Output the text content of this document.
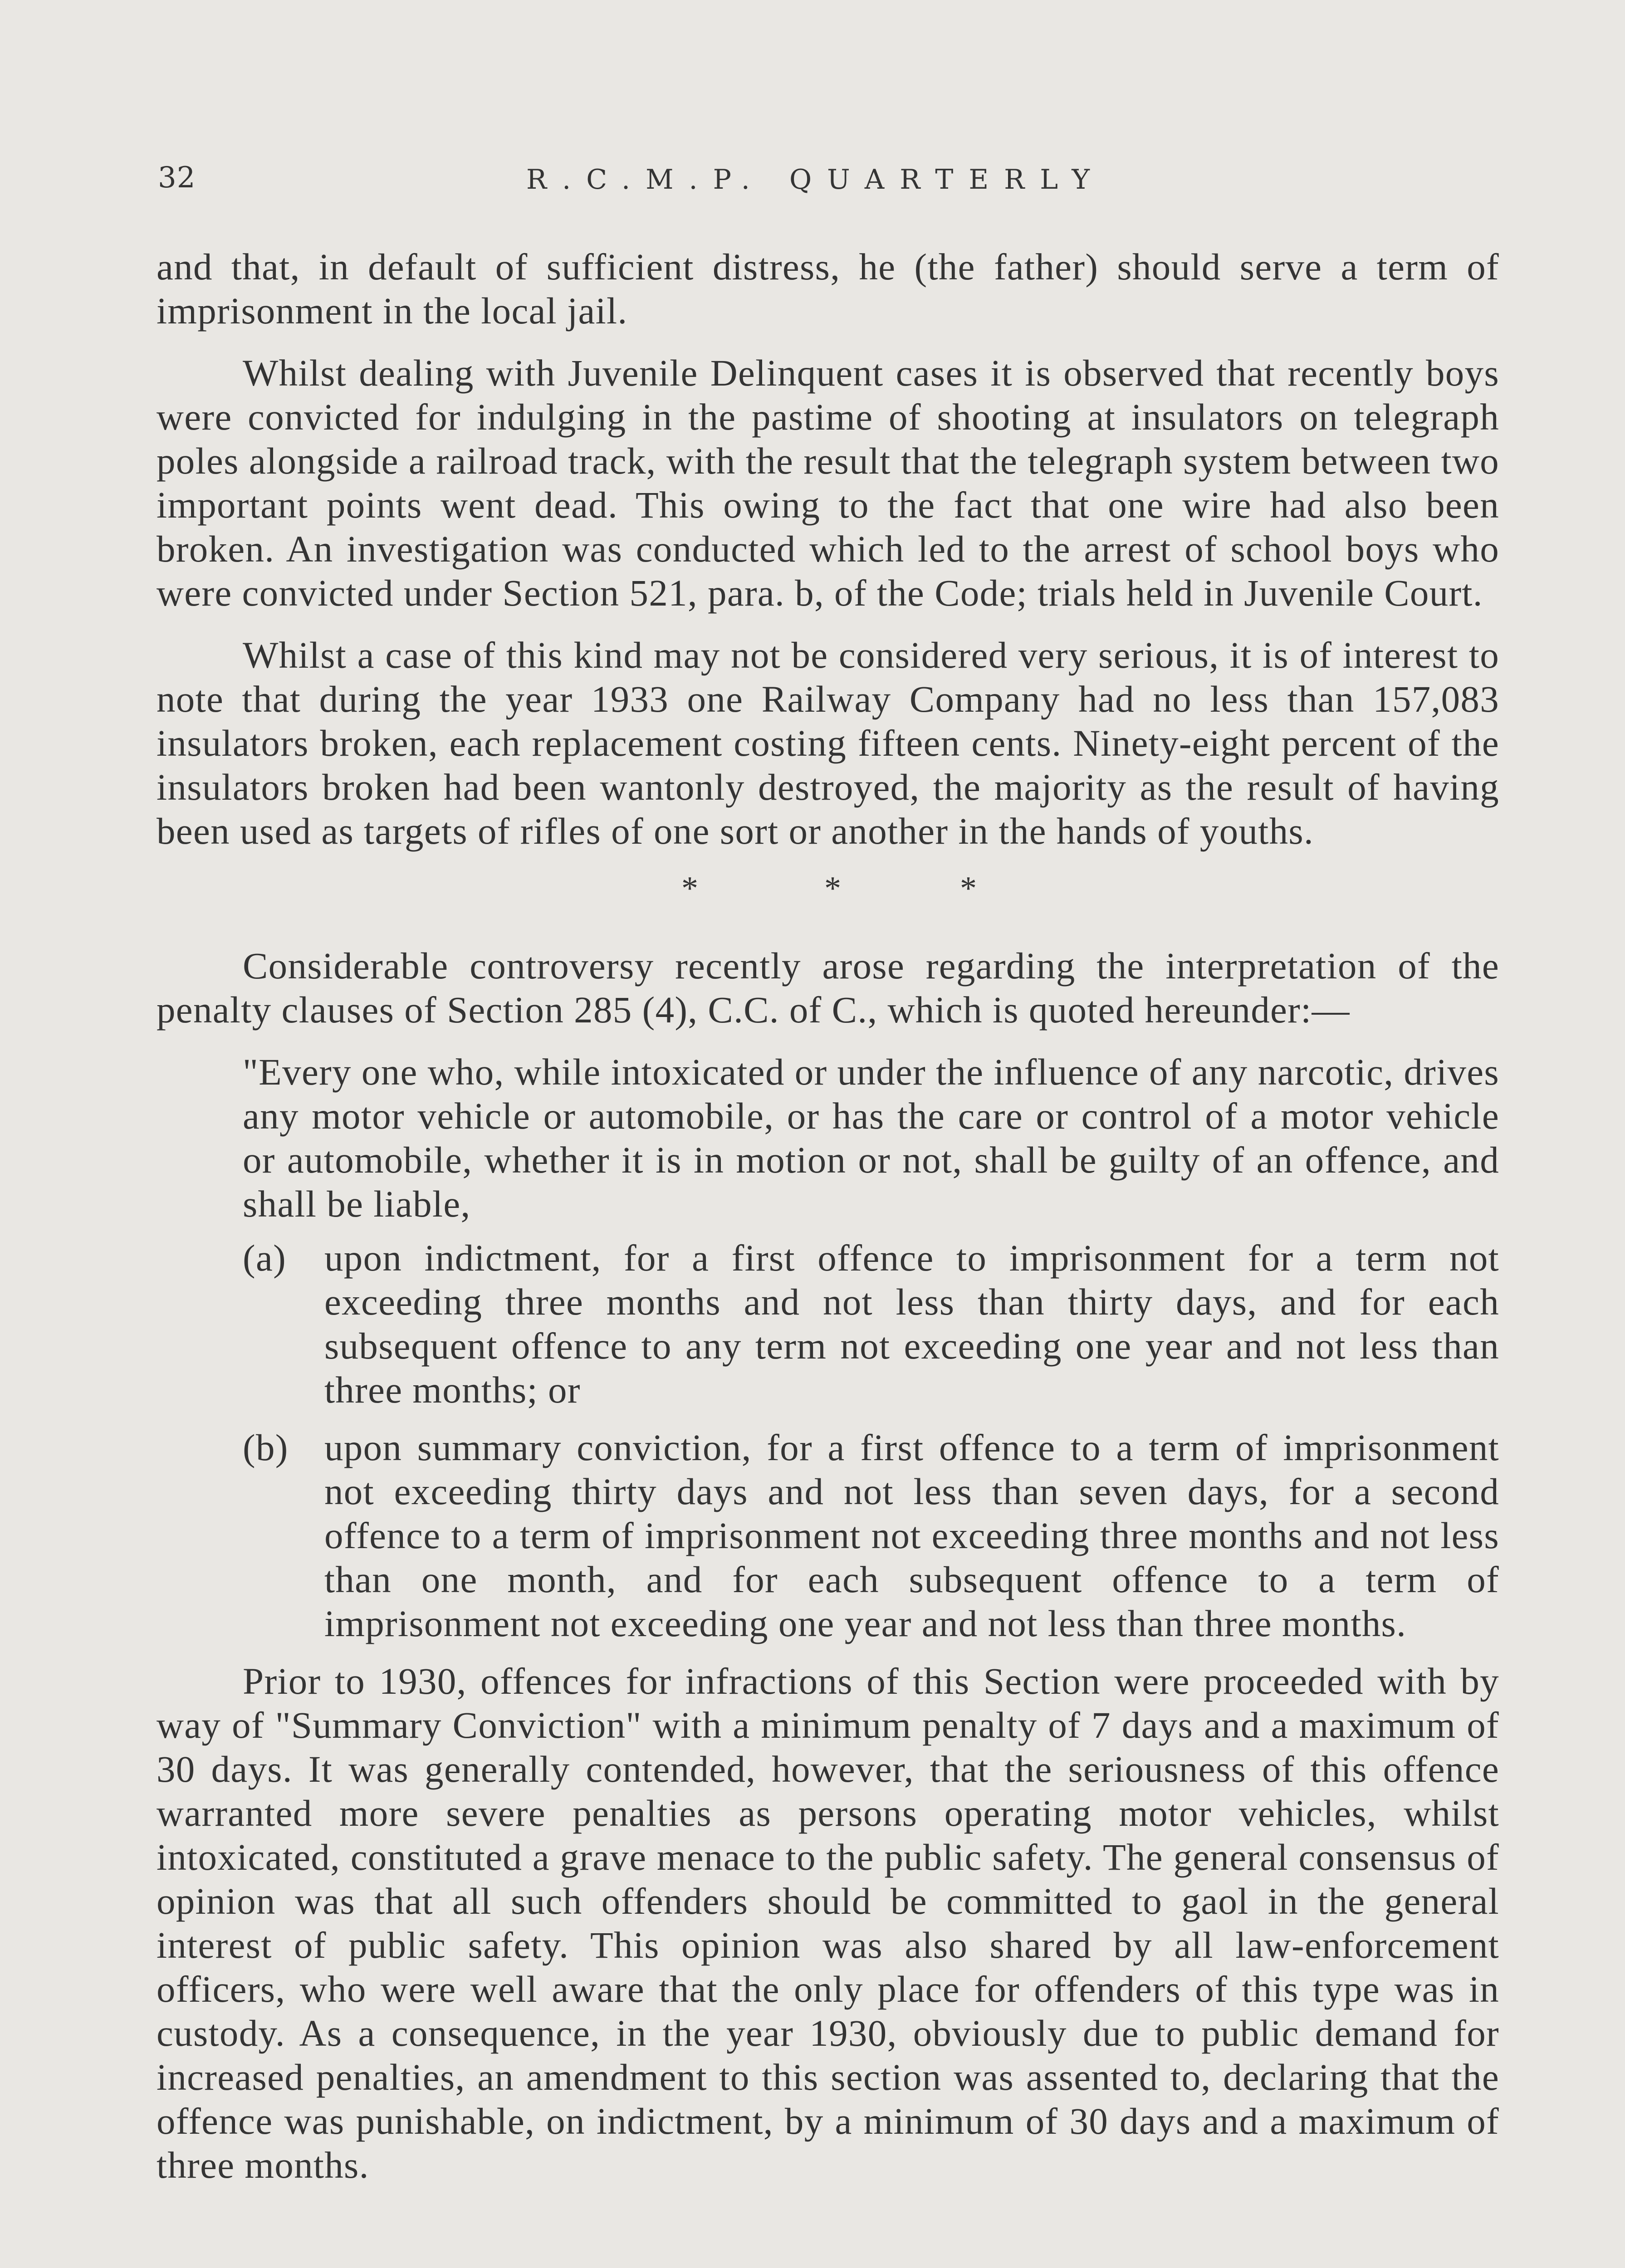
32	R.C.M.P. QUARTERLY

and that, in default of sufficient distress, he (the father) should serve a term of imprisonment in the local jail.

Whilst dealing with Juvenile Delinquent cases it is observed that recently boys were convicted for indulging in the pastime of shooting at insulators on telegraph poles alongside a railroad track, with the result that the telegraph system between two important points went dead. This owing to the fact that one wire had also been broken. An investigation was conducted which led to the arrest of school boys who were convicted under Section 521, para. b, of the Code; trials held in Juvenile Court.

Whilst a case of this kind may not be considered very serious, it is of interest to note that during the year 1933 one Railway Company had no less than 157,083 insulators broken, each replacement costing fifteen cents. Ninety-eight percent of the insulators broken had been wantonly destroyed, the majority as the result of having been used as targets of rifles of one sort or another in the hands of youths.

*	*	*

Considerable controversy recently arose regarding the interpretation of the penalty clauses of Section 285 (4), C.C. of C., which is quoted hereunder:—

"Every one who, while intoxicated or under the influence of any narcotic, drives any motor vehicle or automobile, or has the care or control of a motor vehicle or automobile, whether it is in motion or not, shall be guilty of an offence, and shall be liable,

(a) upon indictment, for a first offence to imprisonment for a term not exceeding three months and not less than thirty days, and for each subsequent offence to any term not exceeding one year and not less than three months; or

(b) upon summary conviction, for a first offence to a term of imprisonment not exceeding thirty days and not less than seven days, for a second offence to a term of imprisonment not exceeding three months and not less than one month, and for each subsequent offence to a term of imprisonment not exceeding one year and not less than three months.

Prior to 1930, offences for infractions of this Section were proceeded with by way of "Summary Conviction" with a minimum penalty of 7 days and a maximum of 30 days. It was generally contended, however, that the seriousness of this offence warranted more severe penalties as persons operating motor vehicles, whilst intoxicated, constituted a grave menace to the public safety. The general consensus of opinion was that all such offenders should be committed to gaol in the general interest of public safety. This opinion was also shared by all law-enforcement officers, who were well aware that the only place for offenders of this type was in custody. As a consequence, in the year 1930, obviously due to public demand for increased penalties, an amendment to this section was assented to, declaring that the offence was punishable, on indictment, by a minimum of 30 days and a maximum of three months.
